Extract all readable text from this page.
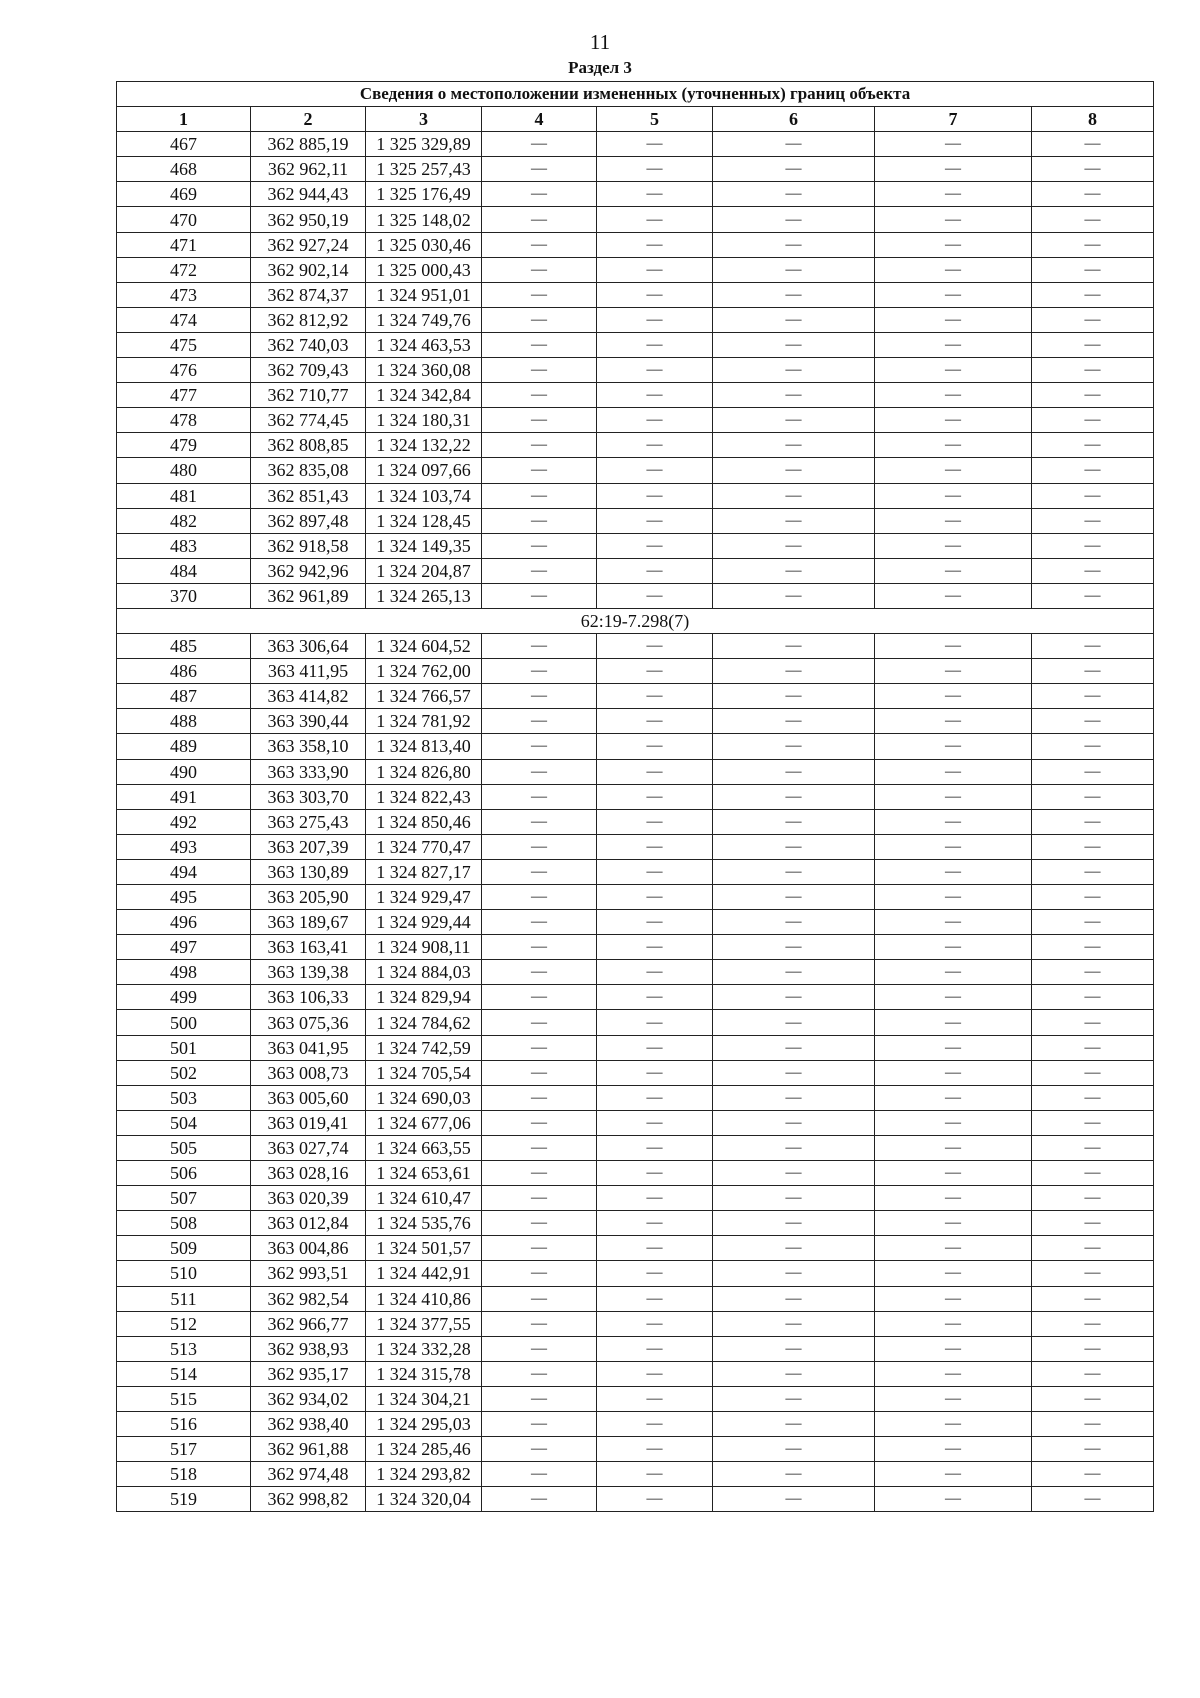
11
Раздел 3
Сведения о местоположении измененных (уточненных) границ объекта							
1	2	3	4	5	6	7	8
467	362 885,19	1 325 329,89	—	—	—	—	—
468	362 962,11	1 325 257,43	—	—	—	—	—
469	362 944,43	1 325 176,49	—	—	—	—	—
470	362 950,19	1 325 148,02	—	—	—	—	—
471	362 927,24	1 325 030,46	—	—	—	—	—
472	362 902,14	1 325 000,43	—	—	—	—	—
473	362 874,37	1 324 951,01	—	—	—	—	—
474	362 812,92	1 324 749,76	—	—	—	—	—
475	362 740,03	1 324 463,53	—	—	—	—	—
476	362 709,43	1 324 360,08	—	—	—	—	—
477	362 710,77	1 324 342,84	—	—	—	—	—
478	362 774,45	1 324 180,31	—	—	—	—	—
479	362 808,85	1 324 132,22	—	—	—	—	—
480	362 835,08	1 324 097,66	—	—	—	—	—
481	362 851,43	1 324 103,74	—	—	—	—	—
482	362 897,48	1 324 128,45	—	—	—	—	—
483	362 918,58	1 324 149,35	—	—	—	—	—
484	362 942,96	1 324 204,87	—	—	—	—	—
370	362 961,89	1 324 265,13	—	—	—	—	—
62:19-7.298(7)							
485	363 306,64	1 324 604,52	—	—	—	—	—
486	363 411,95	1 324 762,00	—	—	—	—	—
487	363 414,82	1 324 766,57	—	—	—	—	—
488	363 390,44	1 324 781,92	—	—	—	—	—
489	363 358,10	1 324 813,40	—	—	—	—	—
490	363 333,90	1 324 826,80	—	—	—	—	—
491	363 303,70	1 324 822,43	—	—	—	—	—
492	363 275,43	1 324 850,46	—	—	—	—	—
493	363 207,39	1 324 770,47	—	—	—	—	—
494	363 130,89	1 324 827,17	—	—	—	—	—
495	363 205,90	1 324 929,47	—	—	—	—	—
496	363 189,67	1 324 929,44	—	—	—	—	—
497	363 163,41	1 324 908,11	—	—	—	—	—
498	363 139,38	1 324 884,03	—	—	—	—	—
499	363 106,33	1 324 829,94	—	—	—	—	—
500	363 075,36	1 324 784,62	—	—	—	—	—
501	363 041,95	1 324 742,59	—	—	—	—	—
502	363 008,73	1 324 705,54	—	—	—	—	—
503	363 005,60	1 324 690,03	—	—	—	—	—
504	363 019,41	1 324 677,06	—	—	—	—	—
505	363 027,74	1 324 663,55	—	—	—	—	—
506	363 028,16	1 324 653,61	—	—	—	—	—
507	363 020,39	1 324 610,47	—	—	—	—	—
508	363 012,84	1 324 535,76	—	—	—	—	—
509	363 004,86	1 324 501,57	—	—	—	—	—
510	362 993,51	1 324 442,91	—	—	—	—	—
511	362 982,54	1 324 410,86	—	—	—	—	—
512	362 966,77	1 324 377,55	—	—	—	—	—
513	362 938,93	1 324 332,28	—	—	—	—	—
514	362 935,17	1 324 315,78	—	—	—	—	—
515	362 934,02	1 324 304,21	—	—	—	—	—
516	362 938,40	1 324 295,03	—	—	—	—	—
517	362 961,88	1 324 285,46	—	—	—	—	—
518	362 974,48	1 324 293,82	—	—	—	—	—
519	362 998,82	1 324 320,04	—	—	—	—	—
